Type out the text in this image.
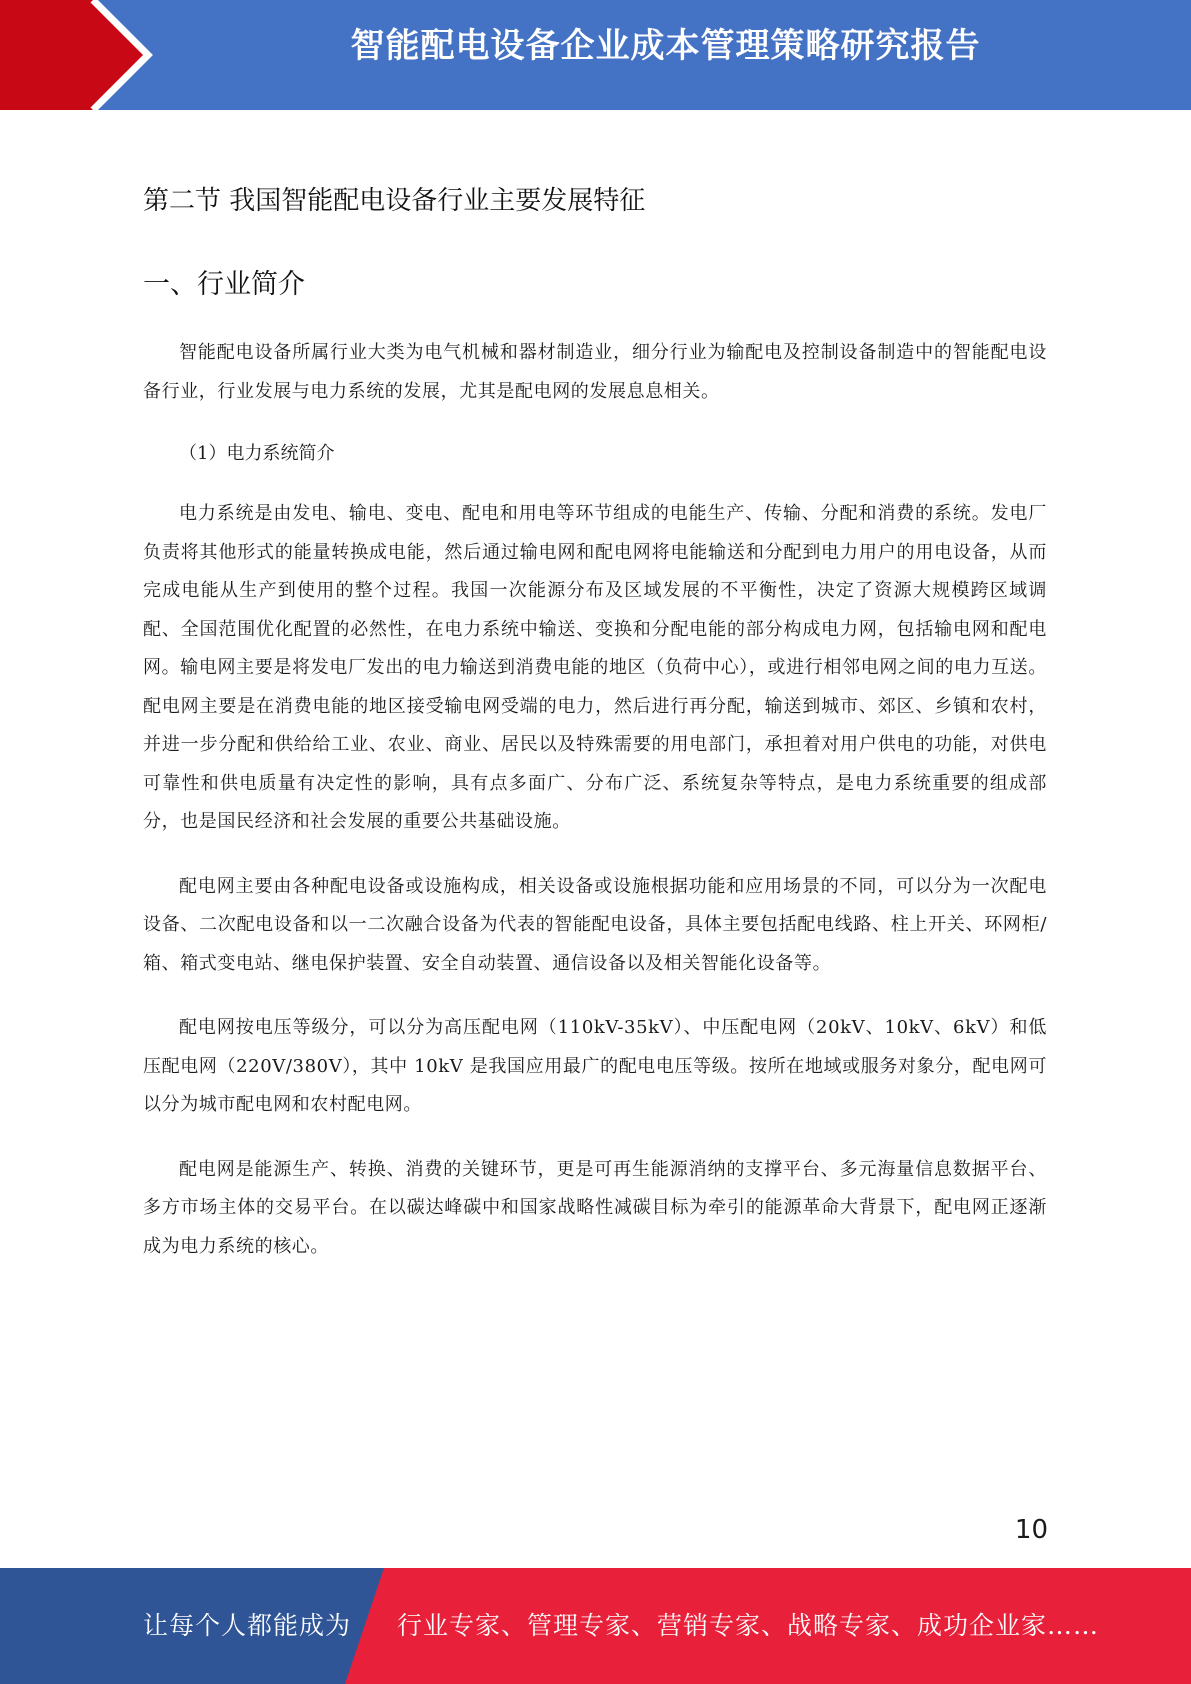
智能配电设备企业成本管理策略研究报告
第二节 我国智能配电设备行业主要发展特征
一、行业简介

智能配电设备所属行业大类为电气机械和器材制造业，细分行业为输配电及控制设备制造中的智能配电设备行业，行业发展与电力系统的发展，尤其是配电网的发展息息相关。

（1）电力系统简介

电力系统是由发电、输电、变电、配电和用电等环节组成的电能生产、传输、分配和消费的系统。发电厂负责将其他形式的能量转换成电能，然后通过输电网和配电网将电能输送和分配到电力用户的用电设备，从而完成电能从生产到使用的整个过程。我国一次能源分布及区域发展的不平衡性，决定了资源大规模跨区域调配、全国范围优化配置的必然性，在电力系统中输送、变换和分配电能的部分构成电力网，包括输电网和配电网。输电网主要是将发电厂发出的电力输送到消费电能的地区（负荷中心），或进行相邻电网之间的电力互送。配电网主要是在消费电能的地区接受输电网受端的电力，然后进行再分配，输送到城市、郊区、乡镇和农村，并进一步分配和供给给工业、农业、商业、居民以及特殊需要的用电部门，承担着对用户供电的功能，对供电可靠性和供电质量有决定性的影响，具有点多面广、分布广泛、系统复杂等特点，是电力系统重要的组成部分，也是国民经济和社会发展的重要公共基础设施。

配电网主要由各种配电设备或设施构成，相关设备或设施根据功能和应用场景的不同，可以分为一次配电设备、二次配电设备和以一二次融合设备为代表的智能配电设备，具体主要包括配电线路、柱上开关、环网柜/箱、箱式变电站、继电保护装置、安全自动装置、通信设备以及相关智能化设备等。

配电网按电压等级分，可以分为高压配电网（110kV-35kV）、中压配电网（20kV、10kV、6kV）和低压配电网（220V/380V），其中 10kV 是我国应用最广的配电电压等级。按所在地域或服务对象分，配电网可以分为城市配电网和农村配电网。

配电网是能源生产、转换、消费的关键环节，更是可再生能源消纳的支撑平台、多元海量信息数据平台、多方市场主体的交易平台。在以碳达峰碳中和国家战略性减碳目标为牵引的能源革命大背景下，配电网正逐渐成为电力系统的核心。

10
让每个人都能成为 行业专家、管理专家、营销专家、战略专家、成功企业家……
